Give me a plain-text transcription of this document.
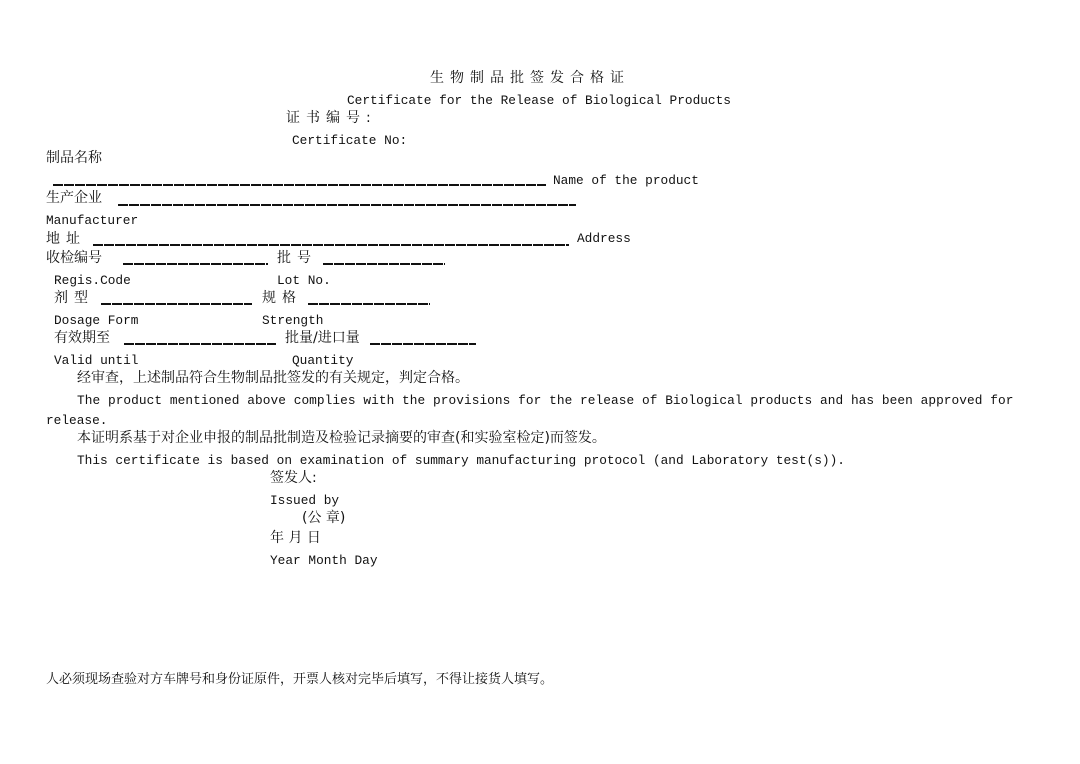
生物制品批签发合格证
Certificate for the Release of Biological Products
证书编号:
Certificate No:
制品名称
Name of the product
生产企业
Manufacturer
地址	Address
收检编号	批号
Regis.Code	Lot No.
剂型	规格
Dosage Form	Strength
有效期至	批量/进口量
Valid until	Quantity
经审查，上述制品符合生物制品批签发的有关规定，判定合格。
The product mentioned above complies with the provisions for the release of Biological products and has been approved for
release.
本证明系基于对企业申报的制品批制造及检验记录摘要的审查(和实验室检定)而签发。
This certificate is based on examination of summary manufacturing protocol (and Laboratory test(s)).
签发人:
Issued by
(公 章)
年 月 日
Year Month Day
人必须现场查验对方车牌号和身份证原件，开票人核对完毕后填写，不得让接货人填写。
